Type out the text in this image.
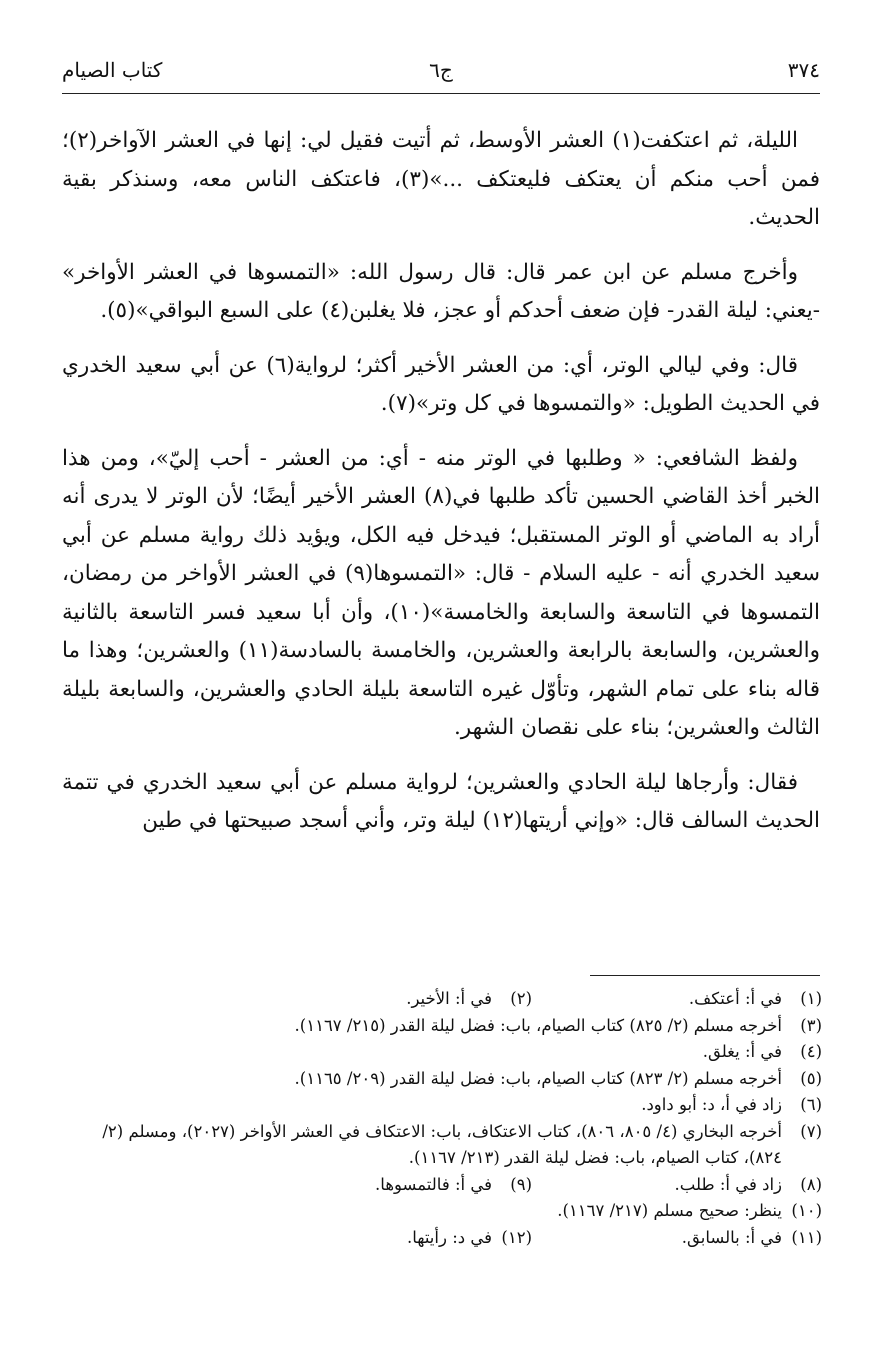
٣٧٤
ج٦
كتاب الصيام

الليلة، ثم اعتكفت(١) العشر الأوسط، ثم أتيت فقيل لي: إنها في العشر الآواخر(٢)؛ فمن أحب منكم أن يعتكف فليعتكف ...»(٣)، فاعتكف الناس معه، وسنذكر بقية الحديث.

وأخرج مسلم عن ابن عمر قال: قال رسول الله: «التمسوها في العشر الأواخر» -يعني: ليلة القدر- فإن ضعف أحدكم أو عجز، فلا يغلبن(٤) على السبع البواقي»(٥).

قال: وفي ليالي الوتر، أي: من العشر الأخير أكثر؛ لرواية(٦) عن أبي سعيد الخدري في الحديث الطويل: «والتمسوها في كل وتر»(٧).

ولفظ الشافعي: « وطلبها في الوتر منه - أي: من العشر - أحب إليّ»، ومن هذا الخبر أخذ القاضي الحسين تأكد طلبها في(٨) العشر الأخير أيضًا؛ لأن الوتر لا يدرى أنه أراد به الماضي أو الوتر المستقبل؛ فيدخل فيه الكل، ويؤيد ذلك رواية مسلم عن أبي سعيد الخدري أنه - عليه السلام - قال: «التمسوها(٩) في العشر الأواخر من رمضان، التمسوها في التاسعة والسابعة والخامسة»(١٠)، وأن أبا سعيد فسر التاسعة بالثانية والعشرين، والسابعة بالرابعة والعشرين، والخامسة بالسادسة(١١) والعشرين؛ وهذا ما قاله بناء على تمام الشهر، وتأوّل غيره التاسعة بليلة الحادي والعشرين، والسابعة بليلة الثالث والعشرين؛ بناء على نقصان الشهر.

فقال: وأرجاها ليلة الحادي والعشرين؛ لرواية مسلم عن أبي سعيد الخدري في تتمة الحديث السالف قال: «وإني أريتها(١٢) ليلة وتر، وأني أسجد صبيحتها في طين

(١)
في أ: أعتكف.
(٢)
في أ: الأخير.
(٣)
أخرجه مسلم (٢/ ٨٢٥) كتاب الصيام، باب: فضل ليلة القدر (٢١٥/ ١١٦٧).
(٤)
في أ: يغلق.
(٥)
أخرجه مسلم (٢/ ٨٢٣) كتاب الصيام، باب: فضل ليلة القدر (٢٠٩/ ١١٦٥).
(٦)
زاد في أ، د: أبو داود.
(٧)
أخرجه البخاري (٤/ ٨٠٥، ٨٠٦)، كتاب الاعتكاف، باب: الاعتكاف في العشر الأواخر (٢٠٢٧)، ومسلم (٢/ ٨٢٤)، كتاب الصيام، باب: فضل ليلة القدر (٢١٣/ ١١٦٧).
(٨)
زاد في أ: طلب.
(٩)
في أ: فالتمسوها.
(١٠)
ينظر: صحيح مسلم (٢١٧/ ١١٦٧).
(١١)
في أ: بالسابق.
(١٢)
في د: رأيتها.
